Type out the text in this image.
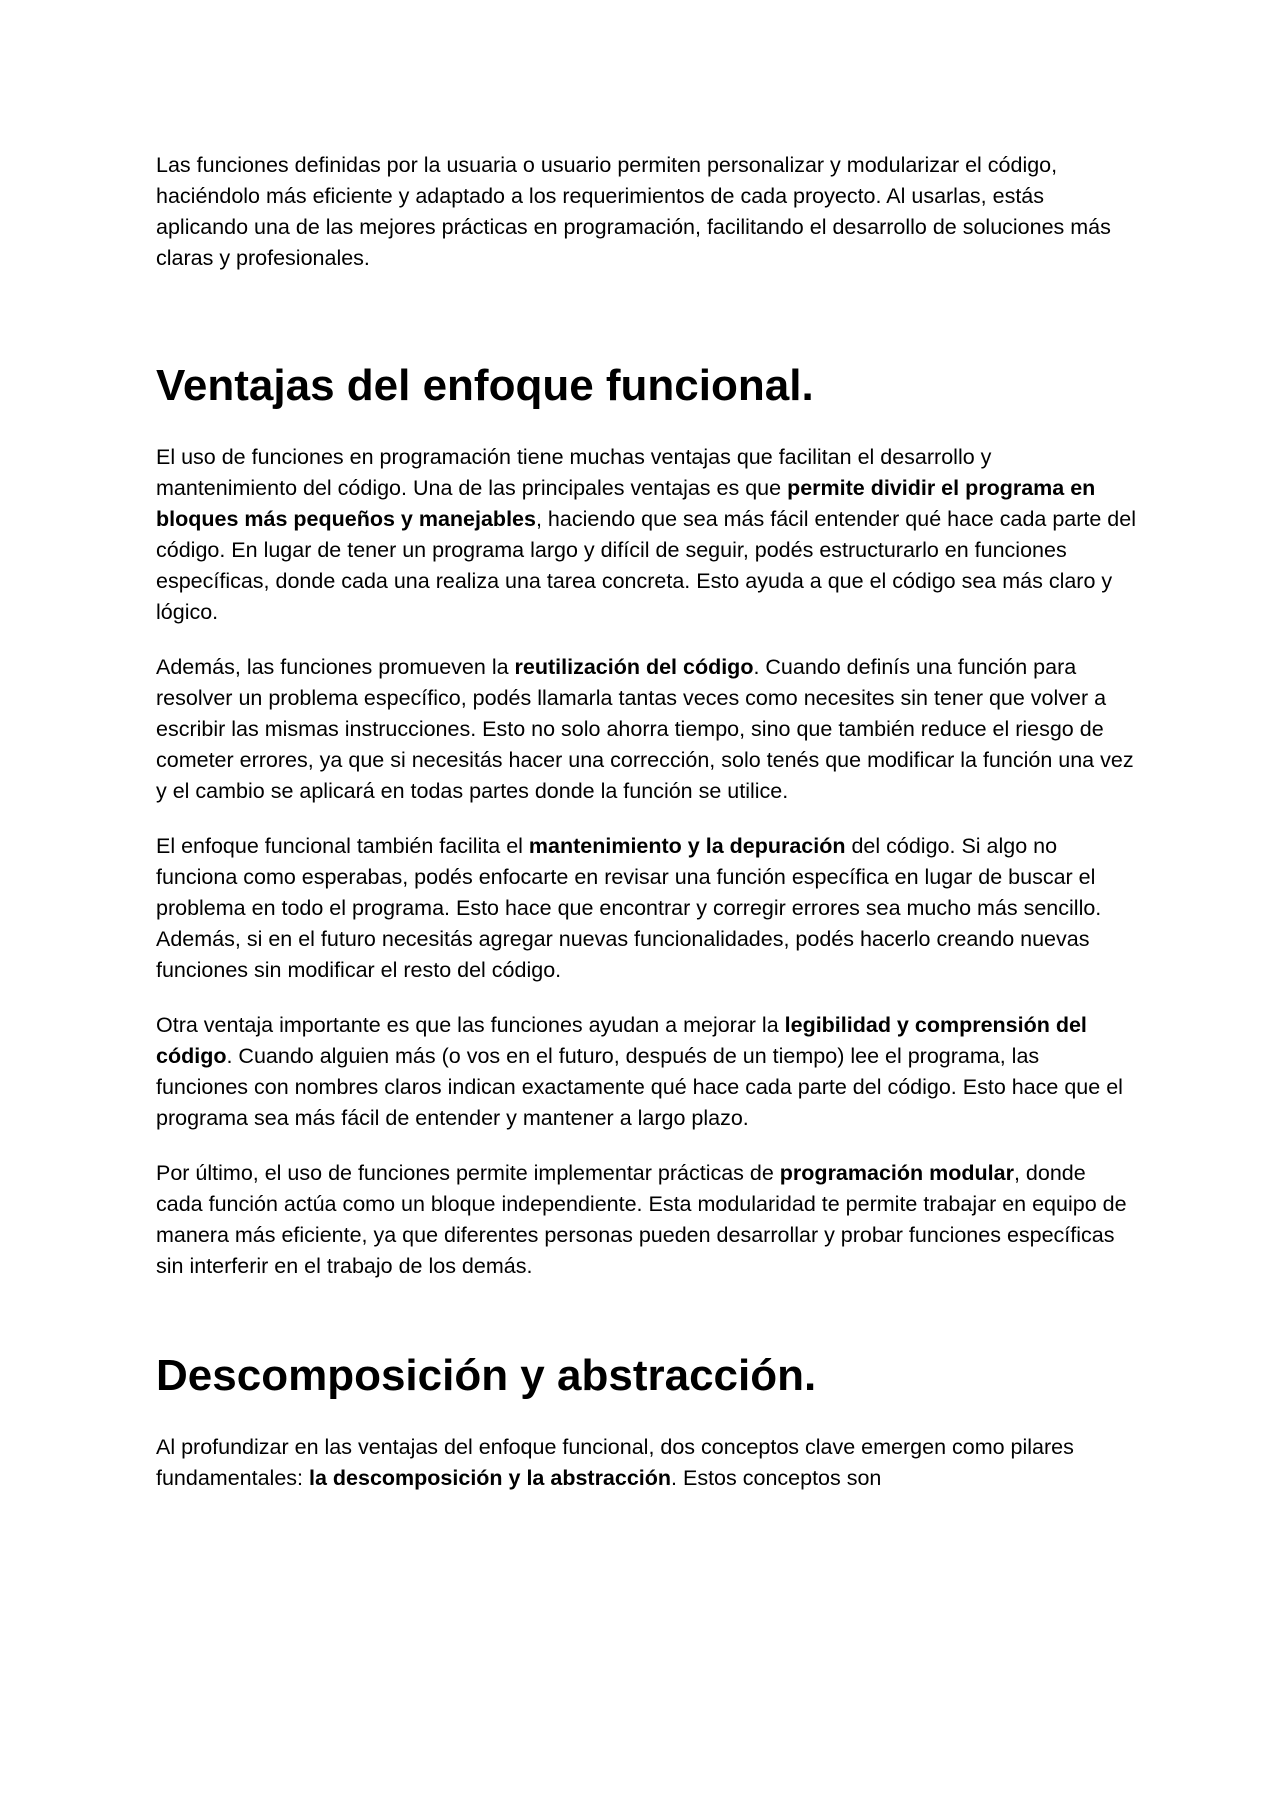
Las funciones definidas por la usuaria o usuario permiten personalizar y modularizar el código, haciéndolo más eficiente y adaptado a los requerimientos de cada proyecto. Al usarlas, estás aplicando una de las mejores prácticas en programación, facilitando el desarrollo de soluciones más claras y profesionales.

Ventajas del enfoque funcional.

El uso de funciones en programación tiene muchas ventajas que facilitan el desarrollo y mantenimiento del código. Una de las principales ventajas es que permite dividir el programa en bloques más pequeños y manejables, haciendo que sea más fácil entender qué hace cada parte del código. En lugar de tener un programa largo y difícil de seguir, podés estructurarlo en funciones específicas, donde cada una realiza una tarea concreta. Esto ayuda a que el código sea más claro y lógico.

Además, las funciones promueven la reutilización del código. Cuando definís una función para resolver un problema específico, podés llamarla tantas veces como necesites sin tener que volver a escribir las mismas instrucciones. Esto no solo ahorra tiempo, sino que también reduce el riesgo de cometer errores, ya que si necesitás hacer una corrección, solo tenés que modificar la función una vez y el cambio se aplicará en todas partes donde la función se utilice.

El enfoque funcional también facilita el mantenimiento y la depuración del código. Si algo no funciona como esperabas, podés enfocarte en revisar una función específica en lugar de buscar el problema en todo el programa. Esto hace que encontrar y corregir errores sea mucho más sencillo. Además, si en el futuro necesitás agregar nuevas funcionalidades, podés hacerlo creando nuevas funciones sin modificar el resto del código.

Otra ventaja importante es que las funciones ayudan a mejorar la legibilidad y comprensión del código. Cuando alguien más (o vos en el futuro, después de un tiempo) lee el programa, las funciones con nombres claros indican exactamente qué hace cada parte del código. Esto hace que el programa sea más fácil de entender y mantener a largo plazo.

Por último, el uso de funciones permite implementar prácticas de programación modular, donde cada función actúa como un bloque independiente. Esta modularidad te permite trabajar en equipo de manera más eficiente, ya que diferentes personas pueden desarrollar y probar funciones específicas sin interferir en el trabajo de los demás.

Descomposición y abstracción.

Al profundizar en las ventajas del enfoque funcional, dos conceptos clave emergen como pilares fundamentales: la descomposición y la abstracción. Estos conceptos son
